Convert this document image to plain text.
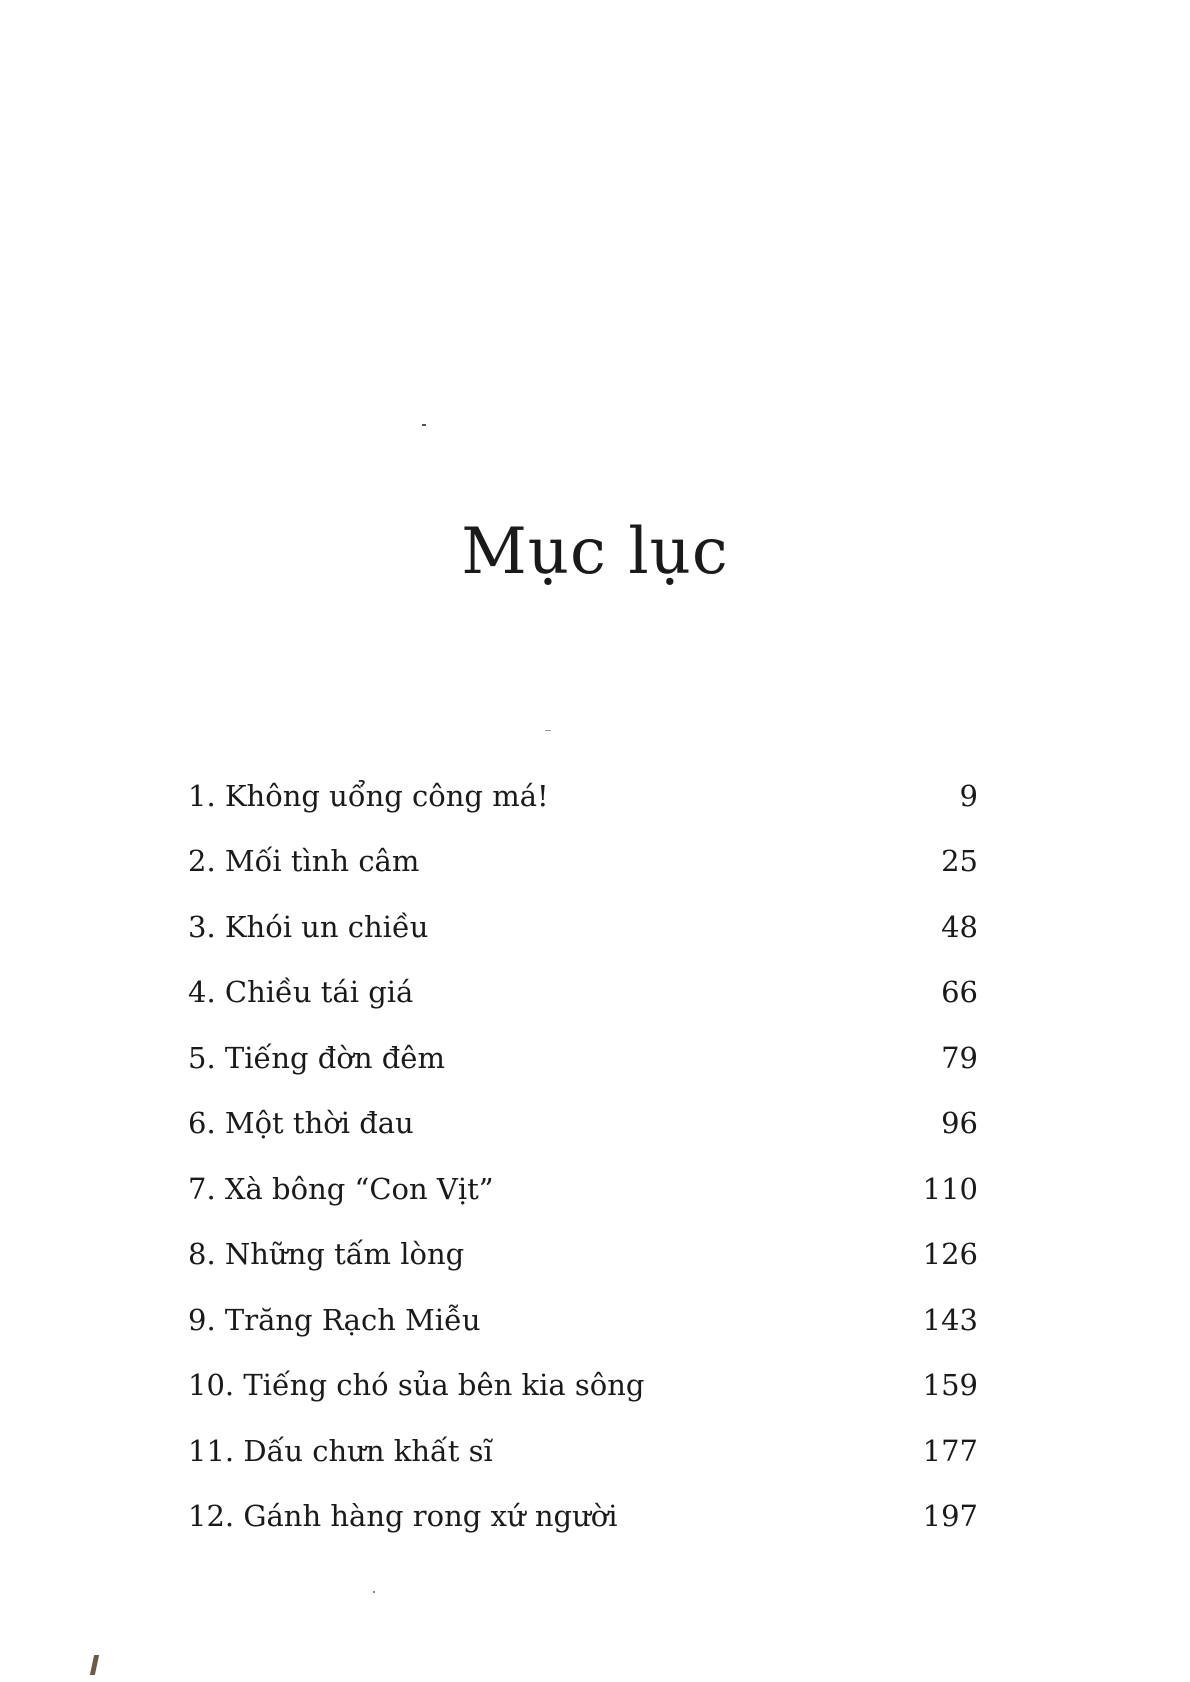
Mục lục
1. Không uổng công má!	9
2. Mối tình câm	25
3. Khói un chiều	48
4. Chiều tái giá	66
5. Tiếng đờn đêm	79
6. Một thời đau	96
7. Xà bông “Con Vịt”	110
8. Những tấm lòng	126
9. Trăng Rạch Miễu	143
10. Tiếng chó sủa bên kia sông	159
11. Dấu chưn khất sĩ	177
12. Gánh hàng rong xứ người	197
